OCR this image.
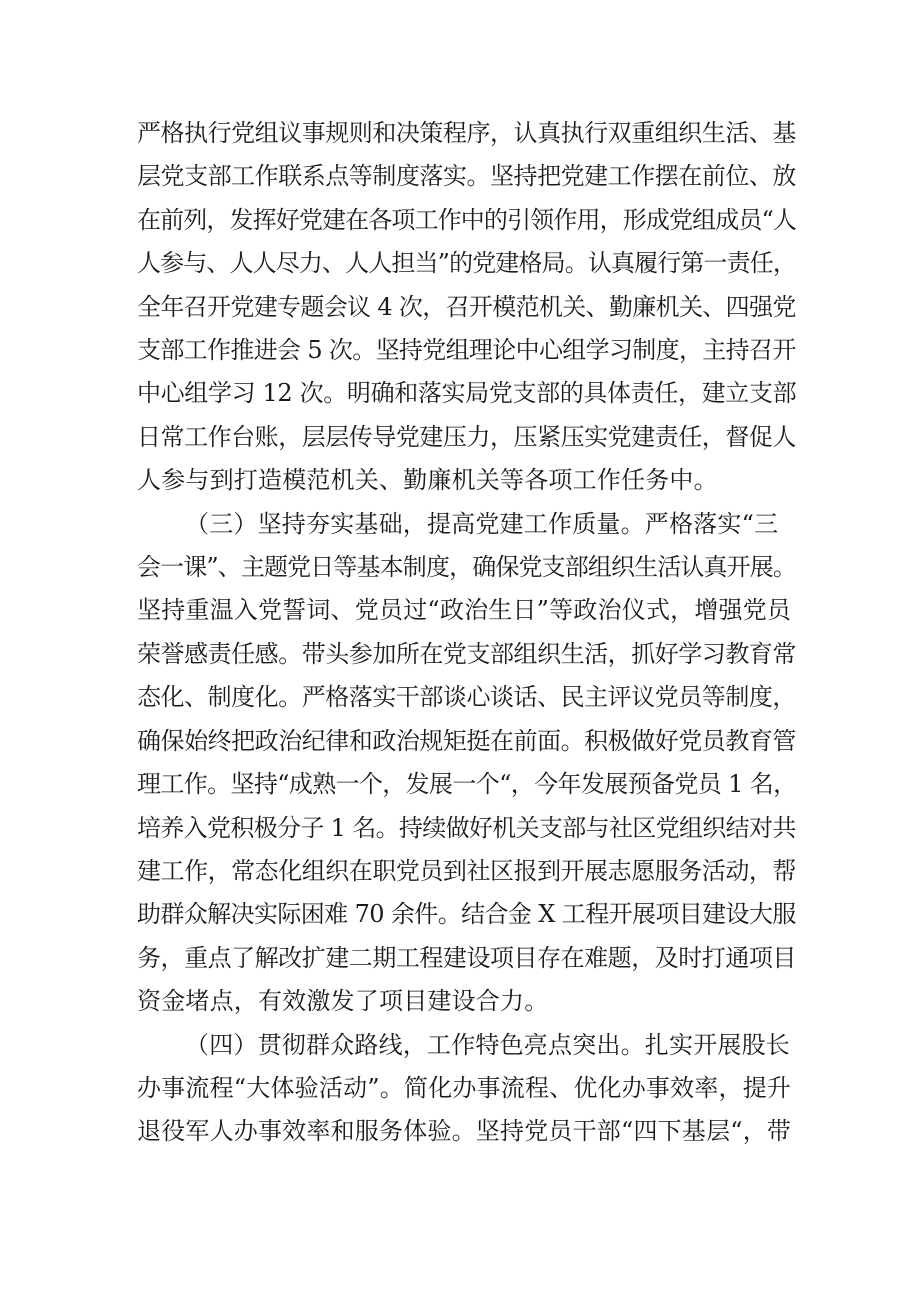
严格执行党组议事规则和决策程序，认真执行双重组织生活、基
层党支部工作联系点等制度落实。坚持把党建工作摆在前位、放
在前列，发挥好党建在各项工作中的引领作用，形成党组成员“人
人参与、人人尽力、人人担当”的党建格局。认真履行第一责任，
全年召开党建专题会议 4 次，召开模范机关、勤廉机关、四强党
支部工作推进会 5 次。坚持党组理论中心组学习制度，主持召开
中心组学习 12 次。明确和落实局党支部的具体责任，建立支部
日常工作台账，层层传导党建压力，压紧压实党建责任，督促人
人参与到打造模范机关、勤廉机关等各项工作任务中。
（三）坚持夯实基础，提高党建工作质量。严格落实“三
会一课”、主题党日等基本制度，确保党支部组织生活认真开展。
坚持重温入党誓词、党员过“政治生日”等政治仪式，增强党员
荣誉感责任感。带头参加所在党支部组织生活，抓好学习教育常
态化、制度化。严格落实干部谈心谈话、民主评议党员等制度，
确保始终把政治纪律和政治规矩挺在前面。积极做好党员教育管
理工作。坚持“成熟一个，发展一个“，今年发展预备党员 1 名，
培养入党积极分子 1 名。持续做好机关支部与社区党组织结对共
建工作，常态化组织在职党员到社区报到开展志愿服务活动，帮
助群众解决实际困难 70 余件。结合金 X 工程开展项目建设大服
务，重点了解改扩建二期工程建设项目存在难题，及时打通项目
资金堵点，有效激发了项目建设合力。
（四）贯彻群众路线，工作特色亮点突出。扎实开展股长
办事流程“大体验活动”。简化办事流程、优化办事效率，提升
退役军人办事效率和服务体验。坚持党员干部“四下基层“，带
